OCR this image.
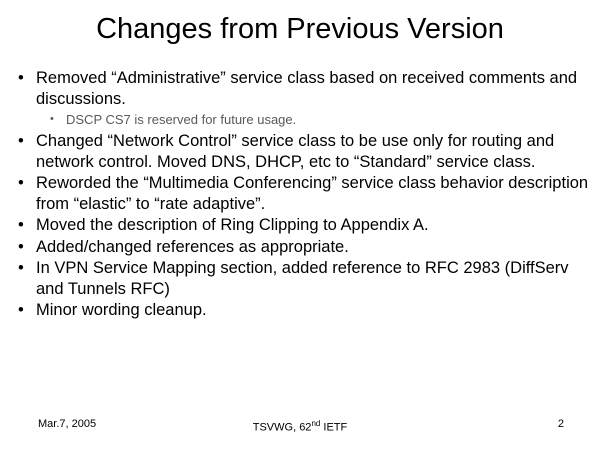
Changes from Previous Version
• Removed “Administrative” service class based on received comments and discussions.
• DSCP CS7 is reserved for future usage.
• Changed “Network Control” service class to be use only for routing and network control. Moved DNS, DHCP, etc to “Standard” service class.
• Reworded the “Multimedia Conferencing” service class behavior description from “elastic” to “rate adaptive”.
• Moved the description of Ring Clipping to Appendix A.
• Added/changed references as appropriate.
• In VPN Service Mapping section, added reference to RFC 2983 (DiffServ and Tunnels RFC)
• Minor wording cleanup.
Mar.7, 2005	TSVWG, 62nd IETF	2
